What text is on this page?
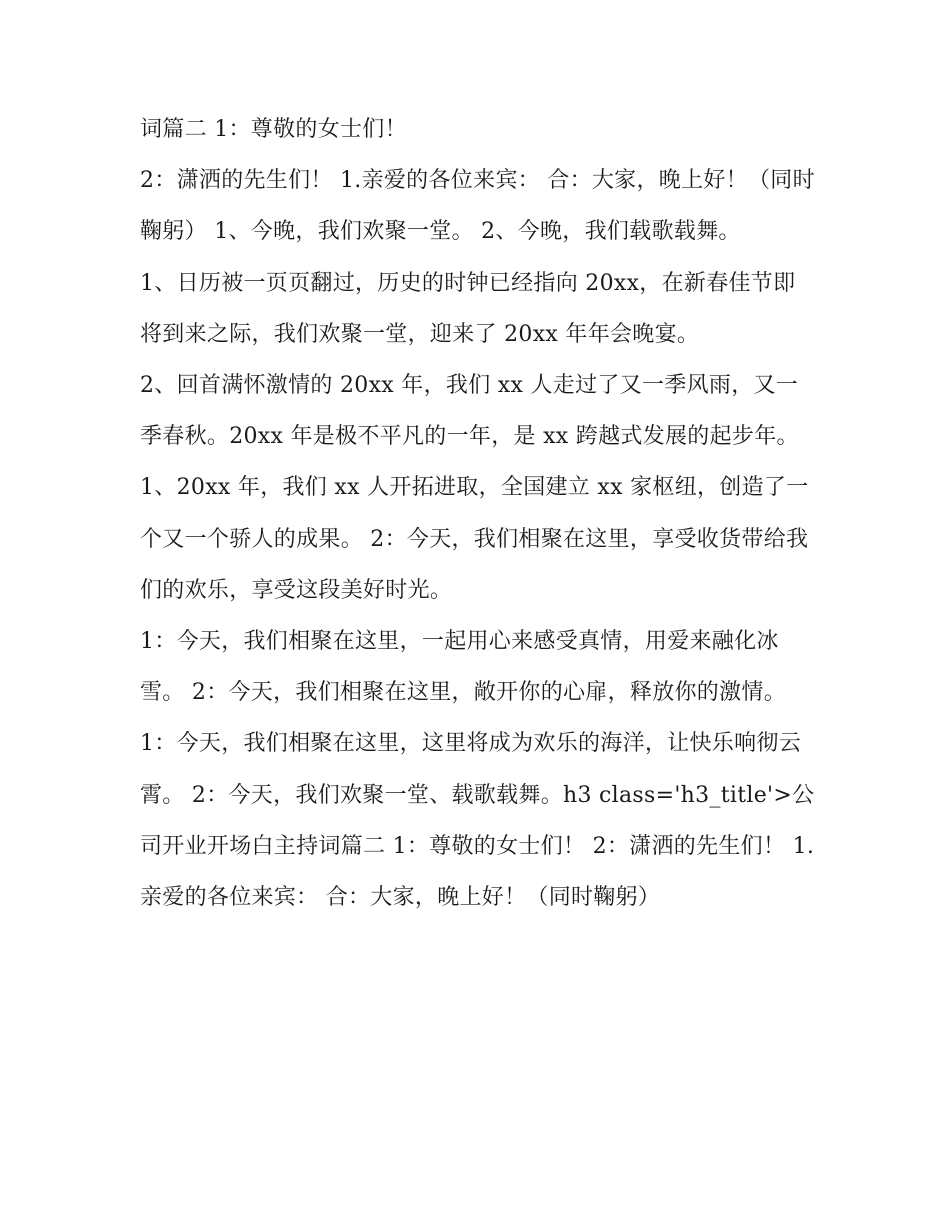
词篇二 1：尊敬的女士们！

2：潇洒的先生们！ 1.亲爱的各位来宾： 合：大家，晚上好！（同时鞠躬） 1、今晚，我们欢聚一堂。 2、今晚，我们载歌载舞。

1、日历被一页页翻过，历史的时钟已经指向 20xx，在新春佳节即将到来之际，我们欢聚一堂，迎来了 20xx 年年会晚宴。

2、回首满怀激情的 20xx 年，我们 xx 人走过了又一季风雨，又一季春秋。20xx 年是极不平凡的一年，是 xx 跨越式发展的起步年。

1、20xx 年，我们 xx 人开拓进取，全国建立 xx 家枢纽，创造了一个又一个骄人的成果。 2：今天，我们相聚在这里，享受收货带给我们的欢乐，享受这段美好时光。

1：今天，我们相聚在这里，一起用心来感受真情，用爱来融化冰雪。 2：今天，我们相聚在这里，敞开你的心扉，释放你的激情。

1：今天，我们相聚在这里，这里将成为欢乐的海洋，让快乐响彻云霄。 2：今天，我们欢聚一堂、载歌载舞。h3 class='h3_title'>公司开业开场白主持词篇二 1：尊敬的女士们！ 2：潇洒的先生们！ 1.亲爱的各位来宾： 合：大家，晚上好！（同时鞠躬）
